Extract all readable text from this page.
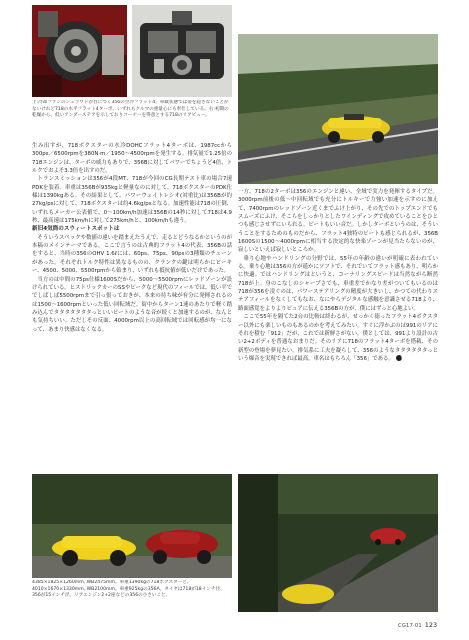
上:冷却ファンのシュラウドが目につく356の空冷フラット4。車載状態では姿を隠さないことがないけれど718の水平フラット4ターボ。いずれもクルマの重量心にも奉仕している。右:初期の乾燥から、低いアンダーステアを示しておりコーナーを得意とする718のリアビュー。

生み出すが、718ボクスターの水冷DOHCフラット4ターボは、1987ccから300ps／6500rpmを380N·m／1950〜4500rpmを発生する。排気量で1.25倍の718エンジンは、ターボの威力もありで、356Bに対してパワーでちょうど4倍、トルクでおよそ3.3倍を出すのだ。

トランスミッションは356が4段MT、718が今回のCG長期テスト車の場合7速PDKを装着。車重は356Bが935kgと軽量なのに対して、718ボクスターのPDK仕様は1390kgある。その結果として、パワーウェイトレシオ(対重比)は356Bが約27kg/psに対して、718ボクスターは約4.6kg/psとなる。加速性能は718の圧倒、いずれもメーカー公表値で、0〜100km/h加速は356Bの14秒に対して718は4.9秒、最高速は175km/hに対して275km/hと、100km/hも違う。

新旧4気筒のスウィートスポットは

そういうスペックや数値の違いを踏まえたうえで、走るとどうなるかというのが本稿のメインテーマである。ここで言うのは古典的フラット4の代表、356Bの話をすると、当時の356のOHV 1.6ℓには、60ps、75ps、90psの3種類のチューンがあった。それぞれトルク特性は異なるものの、クランクの鍵は明らかにピーキー、4500、5000、5500rpmから始まり、いずれも抵抗値が低いだけであった。

当方のは中間の75ps仕様1600Sだから、5000〜5500rpmにレッドゾーンが設けられている。ヒストリックカーのSSやピークなど現代のフィールでは、低い平ででしばしば5500rpmまで引っ張っておきが、本来の持ち味が有分に発揮されるのは1500〜1600rpmといった低い回転域だ。街中からターン1速のあたりで軽く踏み込んでタタタタタタタっといいビートのような音が続くと加速するのが、なんとも気持ちいい。ただしその反面、4000rpm以上の高回転域では回転感が均一になって、あまり快感はなくなる。

一方、718の2ターボは356のエンジンと違い、全域で実力を発揮するタイプだ。3000rpm前後の低〜中回転域でも充分にトルキーで力強い加速を示すのに加えて、7400rpmのレッドゾーン近くまでふけ上がり、その先でのトップエンドでもスムーズにふけ、そこらをしっかりとしたワインディングで攻めていることをひとつも感じさせずにいられる。ビートもいい音だ。しかしターボというのは、そういうことをするためのものだから、フラット4独特のビートも感じられるが、356B 1600Sの1500〜4000rpmに相当する決定的な快楽ゾーンが見当たらないのが、寂しいといえば寂しいところか。

乗り心地やハンドリングの分野では、55年の年齢の違いが明確に表われている。乗り心地は356の方が遥かにソフトで、それでいてフラット感もあり、明らかに快適。ではハンドリングはというと、コーナリングスピードは当然ながら断然718が上。身のこなしのシャープさでも、車重差でかなり差がついてもいるのは718が356を凌ぐのは、パワーステアリングの精度が大きいし、かつての代わりステアフィールをなくしてもなお、なにやらデジタルな感触を意識させる718より、路面感覚をよりよりピュアに伝える356Bの方が、僕にはずっと心地よい。

ここで55年を隔てた2台の比較は終わるが、せっかく徳ったフラット4ボクスター以外にも楽しいものもあるのかを考えてみたい。すぐに浮かぶのは991のリアにそれを積む「912」だが、これでは新鮮さがない。僕としては、991より設計の古い2+2ボディを普通なおまりだ。そのリアに718のフラット4ターボを搭載、その新型の登場を夢見たい。排気系に工夫を凝らして、356のようなタタタタタタっという爆音を実現できれば最高。車名はもちろん「356」である。 C

4385×1825×1260mm, WB2475mm。車重1390kgの718ボクスターと、4010×1670×1330mm, WB2100mm。車重925kgの356A。タイヤは718が18インチ径、356が15インチ径。リアエンジン2+2座などの356の小さいこと。
CG17·01 123
